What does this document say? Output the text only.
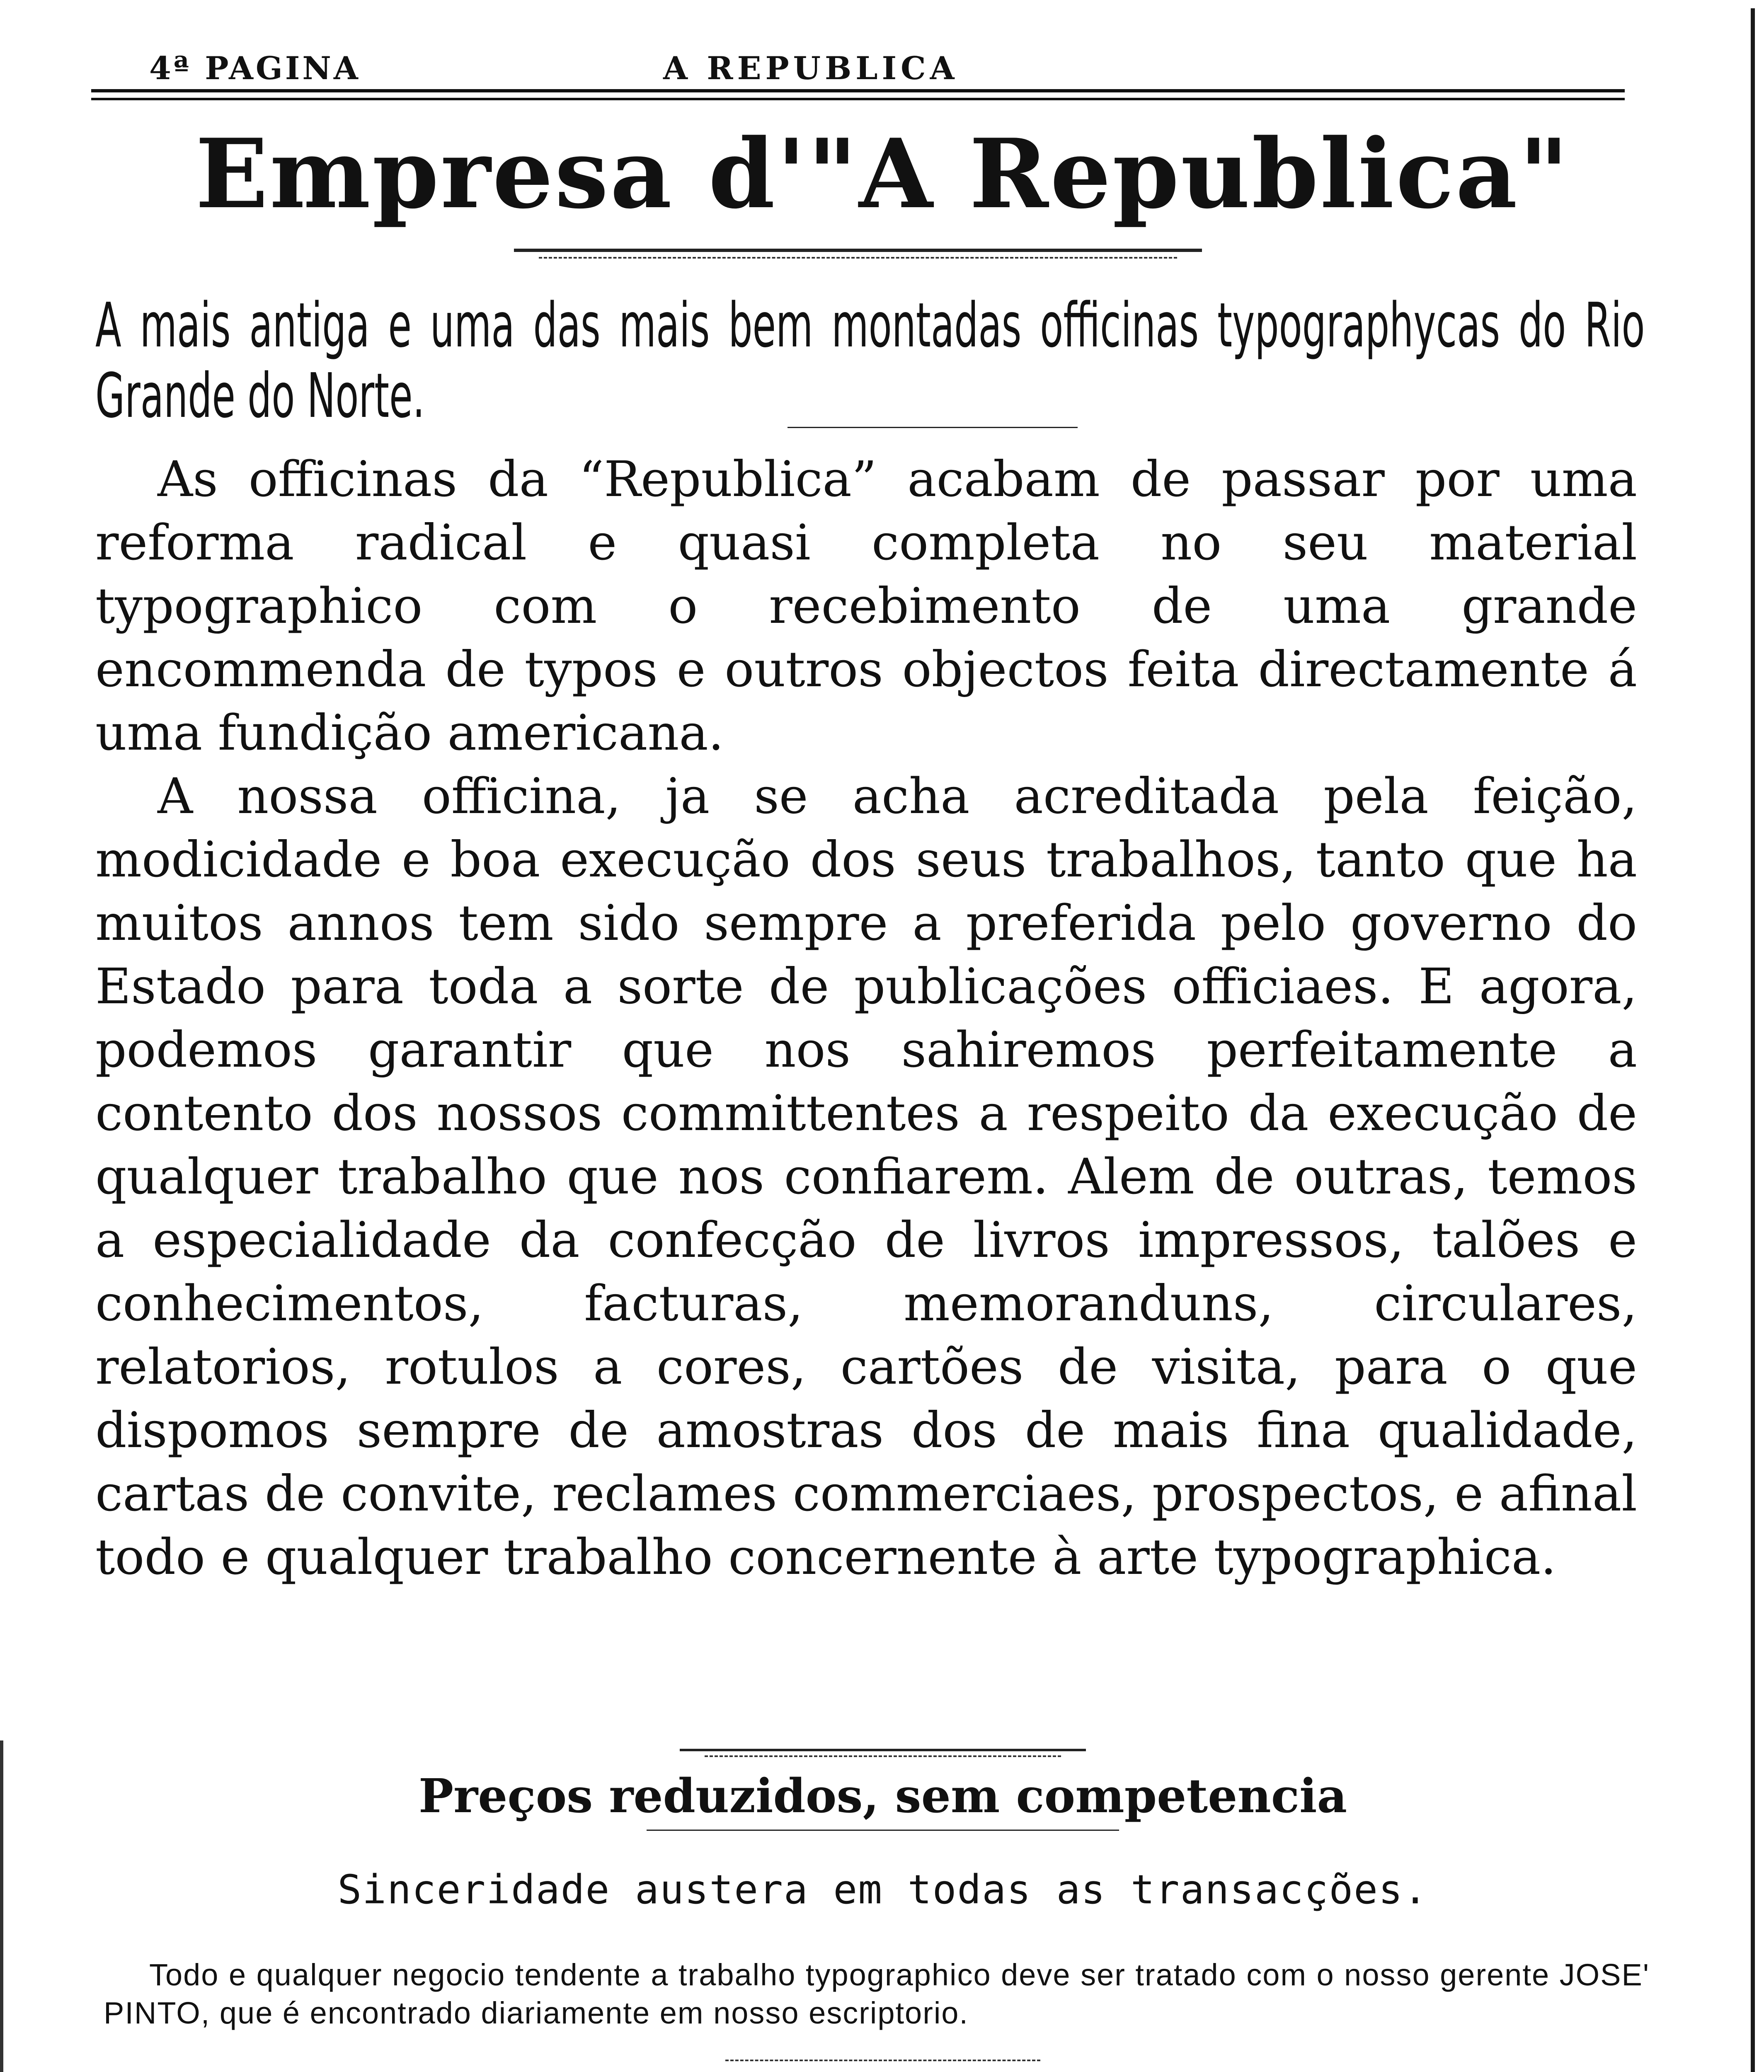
4ª PAGINA	A REPUBLICA
Empresa d'"A Republica"
A mais antiga e uma das mais bem montadas officinas typographycas do Rio Grande do Norte.

As officinas da “Republica” acabam de passar por uma reforma radical e quasi completa no seu material typographico com o recebimento de uma grande encommenda de typos e outros objectos feita directamente á uma fundição americana.

A nossa officina, ja se acha acreditada pela feição, modicidade e boa execução dos seus trabalhos, tanto que ha muitos annos tem sido sempre a preferida pelo governo do Estado para toda a sorte de publicações officiaes. E agora, podemos garantir que nos sahiremos perfeitamente a contento dos nossos committentes a respeito da execução de qualquer trabalho que nos confiarem. Alem de outras, temos a especialidade da confecção de livros impressos, talões e conhecimentos, facturas, memoranduns, circulares, relatorios, rotulos a cores, cartões de visita, para o que dispomos sempre de amostras dos de mais fina qualidade, cartas de convite, reclames commerciaes, prospectos, e afinal todo e qualquer trabalho concernente à arte typographica.

Preços reduzidos, sem competencia
Sinceridade austera em todas as transacções.

Todo e qualquer negocio tendente a trabalho typographico deve ser tratado com o nosso gerente JOSE' PINTO, que é encontrado diariamente em nosso escriptorio.
